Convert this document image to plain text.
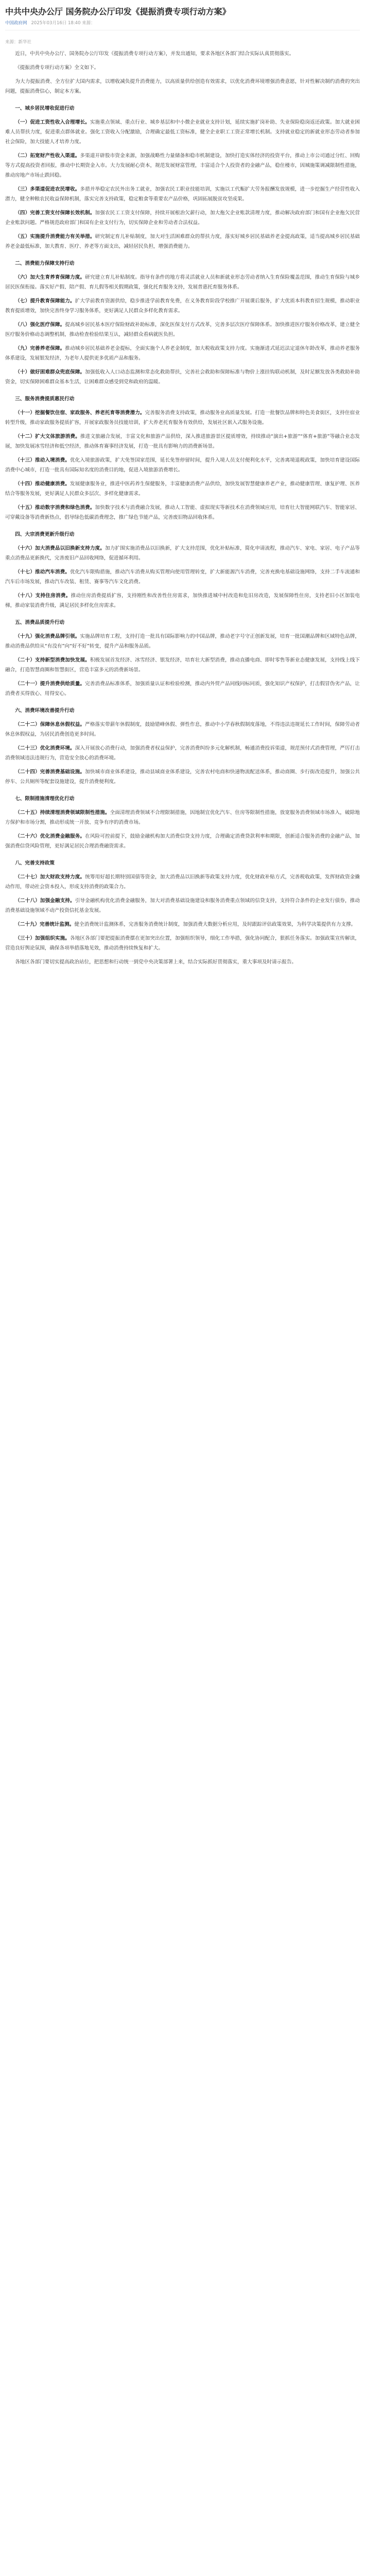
中共中央办公厅 国务院办公厅印发《提振消费专项行动方案》
中国政府网 2025年03月16日 18:40 来源：
来源：新华社
近日，中共中央办公厅、国务院办公厅印发《提振消费专项行动方案》，并发出通知，要求各地区各部门结合实际认真贯彻落实。
《提振消费专项行动方案》全文如下。
为大力提振消费、全方位扩大国内需求，以增收减负提升消费能力，以高质量供给创造有效需求，以优化消费环境增强消费意愿，针对性解决制约消费的突出问题，提振消费信心，制定本方案。
一、城乡居民增收促进行动
（一）促进工资性收入合理增长。实施重点领域、重点行业、城乡基层和中小微企业就业支持计划，延续实施扩岗补助、失业保险稳岗返还政策。加大就业困难人员帮扶力度，促进重点群体就业。强化工资收入分配激励，合理确定最低工资标准，健全企业职工工资正常增长机制。支持就业稳定的新就业形态劳动者参加社会保险，加大技能人才培养力度。
（二）拓宽财产性收入渠道。多渠道开辟股市资金来源，加强战略性力量储备和稳市机制建设，加快打造实体经济的投资平台，推动上市公司通过分红、回购等方式提高投资者回报，推动中长期资金入市。大力发展耐心资本，规范发展财富管理，丰富适合个人投资者的金融产品，稳住楼市，因城施策调减限制性措施，推动房地产市场止跌回稳。
（三）多渠道促进农民增收。多措并举稳定农民外出务工就业，加强农民工职业技能培训，实施以工代赈扩大劳务报酬发放规模，进一步挖掘生产经营性收入潜力，健全种粮农民收益保障机制，落实完善支持政策，稳定粮食等重要农产品价格，巩固拓展脱贫攻坚成果。
（四）完善工资支付保障长效机制。加强农民工工资支付保障，持续开展根治欠薪行动，加大拖欠企业账款清理力度，推动解决政府部门和国有企业拖欠民营企业账款问题。严格规范政府部门和国有企业支付行为，切实保障企业和劳动者合法权益。
（五）实施提升消费能力有关举措。研究制定育儿补贴制度，加大对生活困难群众的帮扶力度，落实好城乡居民基础养老金提高政策，适当提高城乡居民基础养老金最低标准，加大教育、医疗、养老等方面支出，减轻居民负担，增强消费能力。
二、消费能力保障支持行动
（六）加大生育养育保障力度。研究建立育儿补贴制度。指导有条件的地方将灵活就业人员和新就业形态劳动者纳入生育保险覆盖范围，推动生育保险与城乡居民医保衔接。落实好产假、陪产假、育儿假等相关假期政策，强化托育服务支持，发展普惠托育服务体系。
（七）提升教育保障能力。扩大学前教育资源供给，稳步推进学前教育免费，在义务教育阶段学校推广开展课后服务，扩大优质本科教育招生规模，推动职业教育提质增效，加快完善终身学习服务体系，更好满足人民群众多样化教育需求。
（八）强化医疗保障。提高城乡居民基本医疗保险财政补助标准，深化医保支付方式改革，完善多层次医疗保障体系。加快推进医疗服务价格改革，建立健全医疗服务价格动态调整机制，推动检查检验结果互认，减轻群众看病就医负担。
（九）完善养老保障。推动城乡居民基础养老金提标，全面实施个人养老金制度，加大税收政策支持力度。实施渐进式延迟法定退休年龄改革，推动养老服务体系建设，发展银发经济，为老年人提供更多优质产品和服务。
（十）做好困难群众兜底保障。加强低收入人口动态监测和常态化救助帮扶，完善社会救助和保障标准与物价上涨挂钩联动机制，及时足额发放各类救助补助资金，切实保障困难群众基本生活，让困难群众感受到党和政府的温暖。
三、服务消费提质惠民行动
（十一）挖掘餐饮住宿、家政服务、养老托育等消费潜力。完善服务消费支持政策，推动服务业高质量发展。打造一批餐饮品牌和特色美食街区，支持住宿业转型升级，推动家政服务提质扩容，开展家政服务员技能培训，扩大养老托育服务有效供给，发展社区嵌入式服务设施。
（十二）扩大文体旅游消费。推进文旅融合发展，丰富文化和旅游产品供给，深入推进旅游景区提质增效，持续推动“演出+旅游”“体育+旅游”等融合业态发展，加快发展冰雪经济和低空经济，推动体育赛事经济发展，打造一批具有影响力的消费新场景。
（十三）推动入境消费。优化入境旅游政策，扩大免签国家范围，延长免签停留时间，提升入境人员支付便利化水平，完善离境退税政策，加快培育建设国际消费中心城市，打造一批具有国际知名度的消费目的地，促进入境旅游消费增长。
（十四）推动健康消费。发展健康服务业，推进中医药养生保健服务，丰富健康消费产品供给，加快发展智慧健康养老产业，推动健康管理、康复护理、医养结合等服务发展，更好满足人民群众多层次、多样化健康需求。
（十五）推动数字消费和绿色消费。加快数字技术与消费融合发展，推动人工智能、虚拟现实等新技术在消费领域应用，培育壮大智能网联汽车、智能家居、可穿戴设备等消费新热点，倡导绿色低碳消费理念，推广绿色节能产品，完善废旧物品回收体系。
四、大宗消费更新升级行动
（十六）加大消费品以旧换新支持力度。加力扩围实施消费品以旧换新，扩大支持范围，优化补贴标准，简化申请流程，推动汽车、家电、家居、电子产品等重点消费品更新换代，完善废旧产品回收网络，促进循环利用。
（十七）推动汽车消费。优化汽车限购措施，推动汽车消费从购买管理向使用管理转变，扩大新能源汽车消费，完善充换电基础设施网络，支持二手车流通和汽车后市场发展，推动汽车改装、租赁、赛事等汽车文化消费。
（十八）支持住房消费。推动住房消费提质扩容，支持刚性和改善性住房需求，加快推进城中村改造和危旧房改造，发展保障性住房，支持老旧小区加装电梯，推动家装消费升级，满足居民多样化住房需求。
五、消费品质提升行动
（十九）强化消费品牌引领。实施品牌培育工程，支持打造一批具有国际影响力的中国品牌，推动老字号守正创新发展，培育一批国潮品牌和区域特色品牌，推动消费品供给从“有没有”向“好不好”转变，提升产品和服务品质。
（二十）支持新型消费加快发展。积极发展首发经济、冰雪经济、银发经济，培育壮大新型消费，推动直播电商、即时零售等新业态健康发展，支持线上线下融合，打造智慧商圈和智慧街区，营造丰富多元的消费新场景。
（二十一）提升消费供给质量。完善消费品标准体系，加强质量认证和检验检测，推动内外贸产品同线同标同质，强化知识产权保护，打击假冒伪劣产品，让消费者买得放心、用得安心。
六、消费环境改善提升行动
（二十二）保障休息休假权益。严格落实带薪年休假制度，鼓励错峰休假、弹性作息，推动中小学春秋假制度落地，不得违法违规延长工作时间，保障劳动者休息休假权益，为居民消费创造更多时间。
（二十三）优化消费环境。深入开展放心消费行动，加强消费者权益保护，完善消费纠纷多元化解机制，畅通消费投诉渠道，规范预付式消费管理，严厉打击消费领域违法违规行为，营造安全放心的消费环境。
（二十四）完善消费基础设施。加快城市商业体系建设，推动县域商业体系建设，完善农村电商和快递物流配送体系，推动商圈、步行街改造提升，加强公共停车、公共厕所等配套设施建设，提升消费便利度。
七、限制措施清理优化行动
（二十五）持续清理消费领域限制性措施。全面清理消费领域不合理限制措施，因地制宜优化汽车、住房等限制性措施，放宽服务消费领域市场准入，破除地方保护和市场分割，推动形成统一开放、竞争有序的消费市场。
（二十六）优化消费金融服务。在风险可控前提下，鼓励金融机构加大消费信贷支持力度，合理确定消费贷款利率和期限，创新适合服务消费的金融产品，加强消费信贷风险管理，更好满足居民合理消费融资需求。
八、完善支持政策
（二十七）加大财政支持力度。统筹用好超长期特别国债等资金，加大消费品以旧换新等政策支持力度，优化财政补贴方式，完善税收政策，发挥财政资金撬动作用，带动社会资本投入，形成支持消费的政策合力。
（二十八）加强金融支持。引导金融机构优化消费金融服务，加大对消费基础设施建设和服务消费重点领域的信贷支持，支持符合条件的企业发行债券，推动消费基础设施领域不动产投资信托基金发展。
（二十九）完善统计监测。健全消费统计监测体系，完善服务消费统计制度，加强消费大数据分析应用，及时跟踪评估政策效果，为科学决策提供有力支撑。
（三十）加强组织实施。各地区各部门要把提振消费摆在更加突出位置，加强组织领导，细化工作举措，强化协同配合，狠抓任务落实。加强政策宣传解读，营造良好舆论氛围，确保各项举措落地见效，推动消费持续恢复和扩大。
各地区各部门要切实提高政治站位，把思想和行动统一到党中央决策部署上来，结合实际抓好贯彻落实，重大事项及时请示报告。
